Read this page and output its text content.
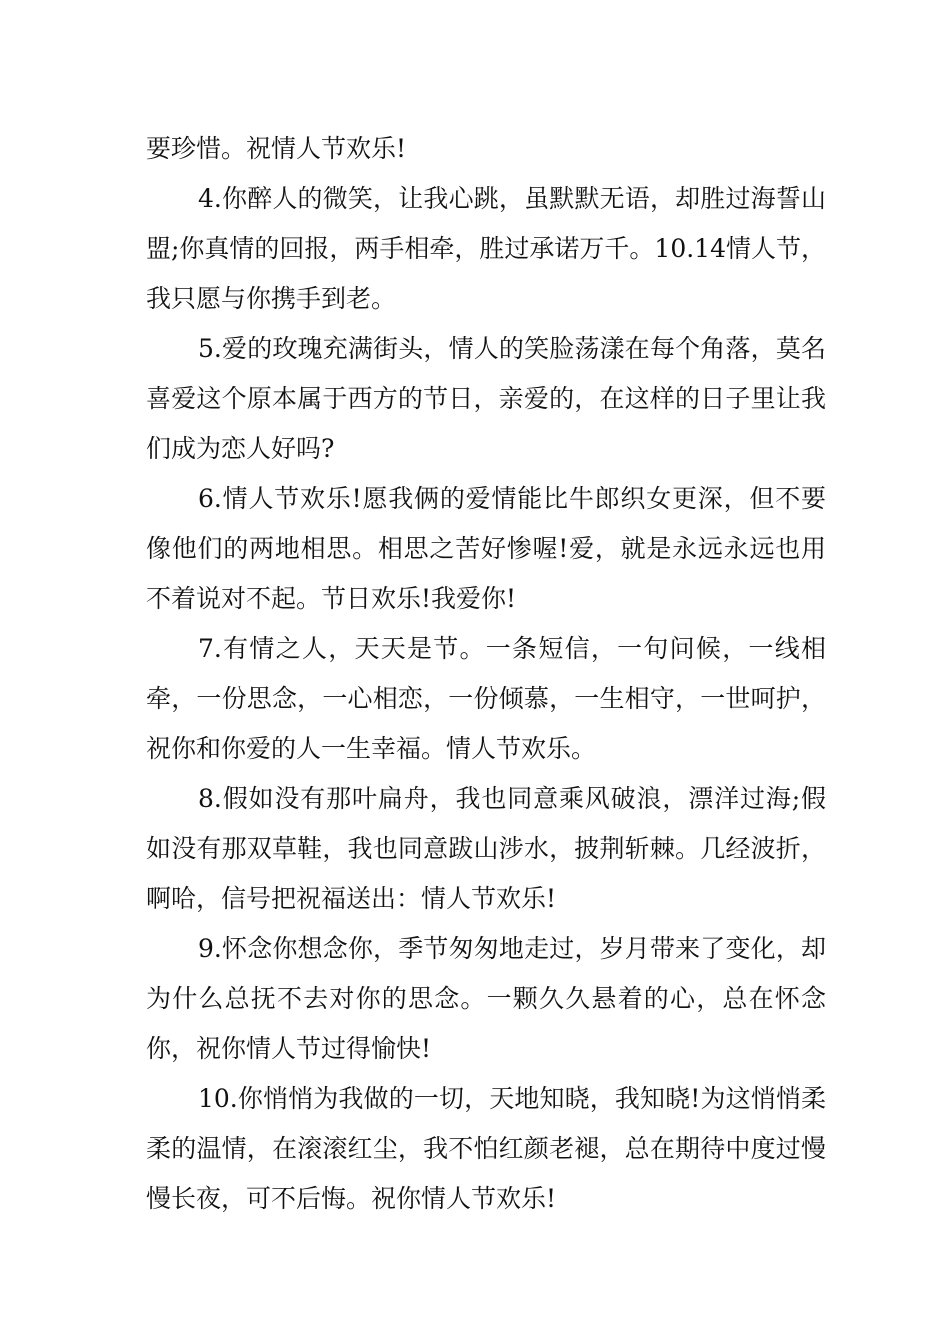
要珍惜。祝情人节欢乐!

4.你醉人的微笑，让我心跳，虽默默无语，却胜过海誓山盟;你真情的回报，两手相牵，胜过承诺万千。10.14情人节，我只愿与你携手到老。

5.爱的玫瑰充满街头，情人的笑脸荡漾在每个角落，莫名喜爱这个原本属于西方的节日，亲爱的，在这样的日子里让我们成为恋人好吗?

6.情人节欢乐!愿我俩的爱情能比牛郎织女更深，但不要像他们的两地相思。相思之苦好惨喔!爱，就是永远永远也用不着说对不起。节日欢乐!我爱你!

7.有情之人，天天是节。一条短信，一句问候，一线相牵，一份思念，一心相恋，一份倾慕，一生相守，一世呵护，祝你和你爱的人一生幸福。情人节欢乐。

8.假如没有那叶扁舟，我也同意乘风破浪，漂洋过海;假如没有那双草鞋，我也同意跋山涉水，披荆斩棘。几经波折，啊哈，信号把祝福送出：情人节欢乐!

9.怀念你想念你，季节匆匆地走过，岁月带来了变化，却为什么总抚不去对你的思念。一颗久久悬着的心，总在怀念你，祝你情人节过得愉快!

10.你悄悄为我做的一切，天地知晓，我知晓!为这悄悄柔柔的温情，在滚滚红尘，我不怕红颜老褪，总在期待中度过慢慢长夜，可不后悔。祝你情人节欢乐!
